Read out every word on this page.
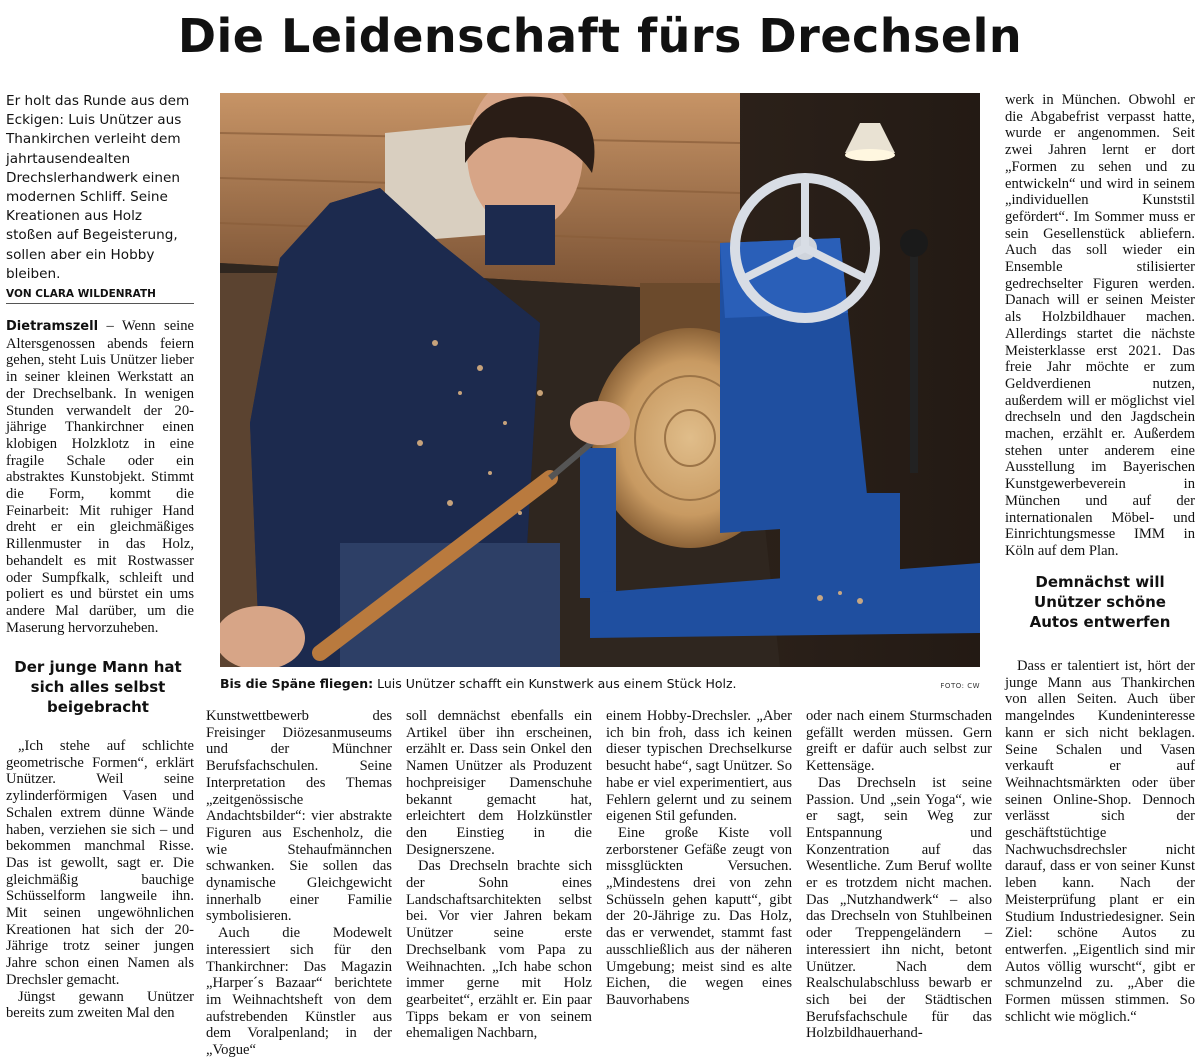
Die Leidenschaft fürs Drechseln

Er holt das Runde aus dem Eckigen: Luis Unützer aus Thankirchen verleiht dem jahrtausendealten Drechslerhandwerk einen modernen Schliff. Seine Kreationen aus Holz stoßen auf Begeisterung, sollen aber ein Hobby bleiben.

VON CLARA WILDENRATH

Dietramszell – Wenn seine Altersgenossen abends feiern gehen, steht Luis Unützer lieber in seiner kleinen Werkstatt an der Drechselbank. In wenigen Stunden verwandelt der 20-jährige Thankirchner einen klobigen Holzklotz in eine fragile Schale oder ein abstraktes Kunstobjekt. Stimmt die Form, kommt die Feinarbeit: Mit ruhiger Hand dreht er ein gleichmäßiges Rillenmuster in das Holz, behandelt es mit Rostwasser oder Sumpfkalk, schleift und poliert es und bürstet ein ums andere Mal darüber, um die Maserung hervorzuheben.

Der junge Mann hat sich alles selbst beigebracht

„Ich stehe auf schlichte geometrische Formen“, erklärt Unützer. Weil seine zylinderförmigen Vasen und Schalen extrem dünne Wände haben, verziehen sie sich – und bekommen manchmal Risse. Das ist gewollt, sagt er. Die gleichmäßig bauchige Schüsselform langweile ihn. Mit seinen ungewöhnlichen Kreationen hat sich der 20-Jährige trotz seiner jungen Jahre schon einen Namen als Drechsler gemacht.

Jüngst gewann Unützer bereits zum zweiten Mal den

Bis die Späne fliegen: Luis Unützer schafft ein Kunstwerk aus einem Stück Holz.	FOTO: CW

Kunstwettbewerb des Freisinger Diözesanmuseums und der Münchner Berufsfachschulen. Seine Interpretation des Themas „zeitgenössische Andachtsbilder“: vier abstrakte Figuren aus Eschenholz, die wie Stehaufmännchen schwanken. Sie sollen das dynamische Gleichgewicht innerhalb einer Familie symbolisieren.

Auch die Modewelt interessiert sich für den Thankirchner: Das Magazin „Harper´s Bazaar“ berichtete im Weihnachtsheft von dem aufstrebenden Künstler aus dem Voralpenland; in der „Vogue“

soll demnächst ebenfalls ein Artikel über ihn erscheinen, erzählt er. Dass sein Onkel den Namen Unützer als Produzent hochpreisiger Damenschuhe bekannt gemacht hat, erleichtert dem Holzkünstler den Einstieg in die Designerszene.

Das Drechseln brachte sich der Sohn eines Landschaftsarchitekten selbst bei. Vor vier Jahren bekam Unützer seine erste Drechselbank vom Papa zu Weihnachten. „Ich habe schon immer gerne mit Holz gearbeitet“, erzählt er. Ein paar Tipps bekam er von seinem ehemaligen Nachbarn,

einem Hobby-Drechsler. „Aber ich bin froh, dass ich keinen dieser typischen Drechselkurse besucht habe“, sagt Unützer. So habe er viel experimentiert, aus Fehlern gelernt und zu seinem eigenen Stil gefunden.

Eine große Kiste voll zerborstener Gefäße zeugt von missglückten Versuchen. „Mindestens drei von zehn Schüsseln gehen kaputt“, gibt der 20-Jährige zu. Das Holz, das er verwendet, stammt fast ausschließlich aus der näheren Umgebung; meist sind es alte Eichen, die wegen eines Bauvorhabens

oder nach einem Sturmschaden gefällt werden müssen. Gern greift er dafür auch selbst zur Kettensäge.

Das Drechseln ist seine Passion. Und „sein Yoga“, wie er sagt, sein Weg zur Entspannung und Konzentration auf das Wesentliche. Zum Beruf wollte er es trotzdem nicht machen. Das „Nutzhandwerk“ – also das Drechseln von Stuhlbeinen oder Treppengeländern – interessiert ihn nicht, betont Unützer. Nach dem Realschulabschluss bewarb er sich bei der Städtischen Berufsfachschule für das Holzbildhauerhand-

werk in München. Obwohl er die Abgabefrist verpasst hatte, wurde er angenommen. Seit zwei Jahren lernt er dort „Formen zu sehen und zu entwickeln“ und wird in seinem „individuellen Kunststil gefördert“. Im Sommer muss er sein Gesellenstück abliefern. Auch das soll wieder ein Ensemble stilisierter gedrechselter Figuren werden. Danach will er seinen Meister als Holzbildhauer machen. Allerdings startet die nächste Meisterklasse erst 2021. Das freie Jahr möchte er zum Geldverdienen nutzen, außerdem will er möglichst viel drechseln und den Jagdschein machen, erzählt er. Außerdem stehen unter anderem eine Ausstellung im Bayerischen Kunstgewerbeverein in München und auf der internationalen Möbel- und Einrichtungsmesse IMM in Köln auf dem Plan.

Demnächst will Unützer schöne Autos entwerfen

Dass er talentiert ist, hört der junge Mann aus Thankirchen von allen Seiten. Auch über mangelndes Kundeninteresse kann er sich nicht beklagen. Seine Schalen und Vasen verkauft er auf Weihnachtsmärkten oder über seinen Online-Shop. Dennoch verlässt sich der geschäftstüchtige Nachwuchsdrechsler nicht darauf, dass er von seiner Kunst leben kann. Nach der Meisterprüfung plant er ein Studium Industriedesigner. Sein Ziel: schöne Autos zu entwerfen. „Eigentlich sind mir Autos völlig wurscht“, gibt er schmunzelnd zu. „Aber die Formen müssen stimmen. So schlicht wie möglich.“
